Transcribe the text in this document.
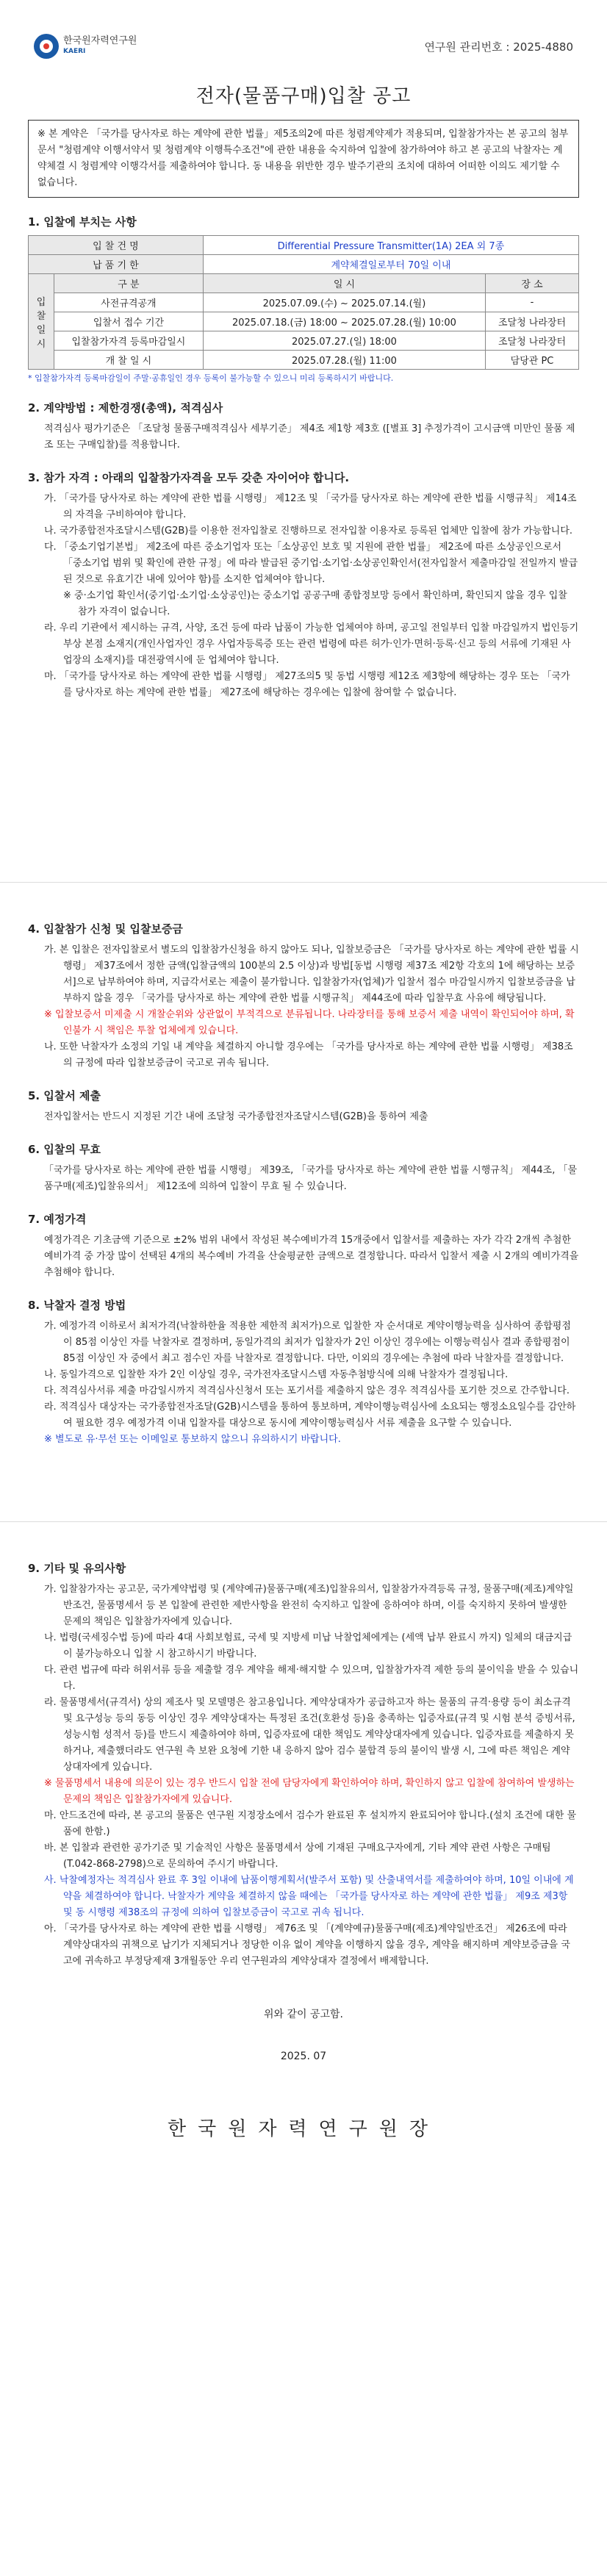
한국원자력연구원
KAERI	연구원 관리번호 : 2025-4880
전자(물품구매)입찰 공고
※ 본 계약은 「국가를 당사자로 하는 계약에 관한 법률」제5조의2에 따른 청렴계약제가 적용되며, 입찰참가자는 본 공고의 첨부문서 "청렴계약 이행서약서 및 청렴계약 이행특수조건"에 관한 내용을 숙지하여 입찰에 참가하여야 하고 본 공고의 낙찰자는 계약체결 시 청렴계약 이행각서를 제출하여야 합니다. 동 내용을 위반한 경우 발주기관의 조치에 대하여 어떠한 이의도 제기할 수 없습니다.
1. 입찰에 부치는 사항
입 찰 건 명		Differential Pressure Transmitter(1A) 2EA 외 7종	
납 품 기 한		계약체결일로부터 70일 이내	
입찰일시	구 분	일 시	장 소
	사전규격공개	2025.07.09.(수) ~ 2025.07.14.(월)	-
	입찰서 접수 기간	2025.07.18.(금) 18:00 ~ 2025.07.28.(월) 10:00	조달청 나라장터
	입찰참가자격 등록마감일시	2025.07.27.(일) 18:00	조달청 나라장터
	개 찰 일 시	2025.07.28.(월) 11:00	담당관 PC
* 입찰참가자격 등록마감일이 주말·공휴일인 경우 등록이 불가능할 수 있으니 미리 등록하시기 바랍니다.
2. 계약방법 : 제한경쟁(총액), 적격심사

적격심사 평가기준은 「조달청 물품구매적격심사 세부기준」 제4조 제1항 제3호 ([별표 3] 추정가격이 고시금액 미만인 물품 제조 또는 구매입찰)를 적용합니다.

3. 참가 자격 : 아래의 입찰참가자격을 모두 갖춘 자이어야 합니다.

가. 「국가를 당사자로 하는 계약에 관한 법률 시행령」 제12조 및 「국가를 당사자로 하는 계약에 관한 법률 시행규칙」 제14조의 자격을 구비하여야 합니다.

나. 국가종합전자조달시스템(G2B)를 이용한 전자입찰로 진행하므로 전자입찰 이용자로 등록된 업체만 입찰에 참가 가능합니다.

다. 「중소기업기본법」 제2조에 따른 중소기업자 또는「소상공인 보호 및 지원에 관한 법률」 제2조에 따른 소상공인으로서 「중소기업 범위 및 확인에 관한 규정」에 따라 발급된 중기업·소기업·소상공인확인서(전자입찰서 제출마감일 전일까지 발급된 것으로 유효기간 내에 있어야 함)를 소지한 업체여야 합니다.

※ 중·소기업 확인서(중기업·소기업·소상공인)는 중소기업 공공구매 종합정보망 등에서 확인하며, 확인되지 않을 경우 입찰 참가 자격이 없습니다.

라. 우리 기관에서 제시하는 규격, 사양, 조건 등에 따라 납품이 가능한 업체여야 하며, 공고일 전일부터 입찰 마감일까지 법인등기부상 본점 소재지(개인사업자인 경우 사업자등록증 또는 관련 법령에 따른 허가·인가·면허·등록·신고 등의 서류에 기재된 사업장의 소재지)를 대전광역시에 둔 업체여야 합니다.

마. 「국가를 당사자로 하는 계약에 관한 법률 시행령」 제27조의5 및 동법 시행령 제12조 제3항에 해당하는 경우 또는 「국가를 당사자로 하는 계약에 관한 법률」 제27조에 해당하는 경우에는 입찰에 참여할 수 없습니다.

4. 입찰참가 신청 및 입찰보증금

가. 본 입찰은 전자입찰로서 별도의 입찰참가신청을 하지 않아도 되나, 입찰보증금은 「국가를 당사자로 하는 계약에 관한 법률 시행령」 제37조에서 정한 금액(입찰금액의 100분의 2.5 이상)과 방법[동법 시행령 제37조 제2항 각호의 1에 해당하는 보증서]으로 납부하여야 하며, 지급각서로는 제출이 불가합니다. 입찰참가자(업체)가 입찰서 접수 마감일시까지 입찰보증금을 납부하지 않을 경우 「국가를 당사자로 하는 계약에 관한 법률 시행규칙」 제44조에 따라 입찰무효 사유에 해당됩니다.

※ 입찰보증서 미제출 시 개찰순위와 상관없이 부적격으로 분류됩니다. 나라장터를 통해 보증서 제출 내역이 확인되어야 하며, 확인불가 시 책임은 투찰 업체에게 있습니다.

나. 또한 낙찰자가 소정의 기일 내 계약을 체결하지 아니할 경우에는 「국가를 당사자로 하는 계약에 관한 법률 시행령」 제38조의 규정에 따라 입찰보증금이 국고로 귀속 됩니다.

5. 입찰서 제출

전자입찰서는 반드시 지정된 기간 내에 조달청 국가종합전자조달시스템(G2B)을 통하여 제출

6. 입찰의 무효

「국가를 당사자로 하는 계약에 관한 법률 시행령」 제39조, 「국가를 당사자로 하는 계약에 관한 법률 시행규칙」 제44조, 「물품구매(제조)입찰유의서」 제12조에 의하여 입찰이 무효 될 수 있습니다.

7. 예정가격

예정가격은 기초금액 기준으로 ±2% 범위 내에서 작성된 복수예비가격 15개중에서 입찰서를 제출하는 자가 각각 2개씩 추첨한 예비가격 중 가장 많이 선택된 4개의 복수예비 가격을 산술평균한 금액으로 결정합니다. 따라서 입찰서 제출 시 2개의 예비가격을 추첨해야 합니다.

8. 낙찰자 결정 방법

가. 예정가격 이하로서 최저가격(낙찰하한율 적용한 제한적 최저가)으로 입찰한 자 순서대로 계약이행능력을 심사하여 종합평점이 85점 이상인 자를 낙찰자로 결정하며, 동일가격의 최저가 입찰자가 2인 이상인 경우에는 이행능력심사 결과 종합평점이 85점 이상인 자 중에서 최고 점수인 자를 낙찰자로 결정합니다. 다만, 이외의 경우에는 추첨에 따라 낙찰자를 결정합니다.

나. 동일가격으로 입찰한 자가 2인 이상일 경우, 국가전자조달시스템 자동추첨방식에 의해 낙찰자가 결정됩니다.

다. 적격심사서류 제출 마감일시까지 적격심사신청서 또는 포기서를 제출하지 않은 경우 적격심사를 포기한 것으로 간주합니다.

라. 적격심사 대상자는 국가종합전자조달(G2B)시스템을 통하여 통보하며, 계약이행능력심사에 소요되는 행정소요일수를 감안하여 필요한 경우 예정가격 이내 입찰자를 대상으로 동시에 계약이행능력심사 서류 제출을 요구할 수 있습니다.

※ 별도로 유·무선 또는 이메일로 통보하지 않으니 유의하시기 바랍니다.

9. 기타 및 유의사항

가. 입찰참가자는 공고문, 국가계약법령 및 (계약예규)물품구매(제조)입찰유의서, 입찰참가자격등록 규정, 물품구매(제조)계약일반조건, 물품명세서 등 본 입찰에 관련한 제반사항을 완전히 숙지하고 입찰에 응하여야 하며, 이를 숙지하지 못하여 발생한 문제의 책임은 입찰참가자에게 있습니다.

나. 법령(국세징수법 등)에 따라 4대 사회보험료, 국세 및 지방세 미납 낙찰업체에게는 (세액 납부 완료시 까지) 일체의 대금지급이 불가능하오니 입찰 시 참고하시기 바랍니다.

다. 관련 법규에 따라 허위서류 등을 제출할 경우 계약을 해제·해지할 수 있으며, 입찰참가자격 제한 등의 불이익을 받을 수 있습니다.

라. 물품명세서(규격서) 상의 제조사 및 모델명은 참고용입니다. 계약상대자가 공급하고자 하는 물품의 규격·용량 등이 최소규격 및 요구성능 등의 동등 이상인 경우 계약상대자는 특정된 조건(호환성 등)을 충족하는 입증자료(규격 및 시험 분석 증빙서류, 성능시험 성적서 등)를 반드시 제출하여야 하며, 입증자료에 대한 책임도 계약상대자에게 있습니다. 입증자료를 제출하지 못하거나, 제출했더라도 연구원 측 보완 요청에 기한 내 응하지 않아 검수 불합격 등의 불이익 발생 시, 그에 따른 책임은 계약상대자에게 있습니다.

※ 물품명세서 내용에 의문이 있는 경우 반드시 입찰 전에 담당자에게 확인하여야 하며, 확인하지 않고 입찰에 참여하여 발생하는 문제의 책임은 입찰참가자에게 있습니다.

마. 안드조건에 따라, 본 공고의 물품은 연구원 지정장소에서 검수가 완료된 후 설치까지 완료되어야 합니다.(설치 조건에 대한 물품에 한함.)

바. 본 입찰과 관련한 공가기준 및 기술적인 사항은 물품명세서 상에 기재된 구매요구자에게, 기타 계약 관련 사항은 구매팀 (T.042-868-2798)으로 문의하여 주시기 바랍니다.

사. 낙찰예정자는 적격심사 완료 후 3일 이내에 납품이행계획서(발주서 포함) 및 산출내역서를 제출하여야 하며, 10일 이내에 계약을 체결하여야 합니다. 낙찰자가 계약을 체결하지 않을 때에는 「국가를 당사자로 하는 계약에 관한 법률」 제9조 제3항 및 동 시행령 제38조의 규정에 의하여 입찰보증금이 국고로 귀속 됩니다.

아. 「국가를 당사자로 하는 계약에 관한 법률 시행령」 제76조 및 「(계약예규)물품구매(제조)계약일반조건」 제26조에 따라 계약상대자의 귀책으로 납기가 지체되거나 정당한 이유 없이 계약을 이행하지 않을 경우, 계약을 해지하며 계약보증금을 국고에 귀속하고 부정당제재 3개월동안 우리 연구원과의 계약상대자 결정에서 배제합니다.

위와 같이 공고함.
2025. 07
한국원자력연구원장
